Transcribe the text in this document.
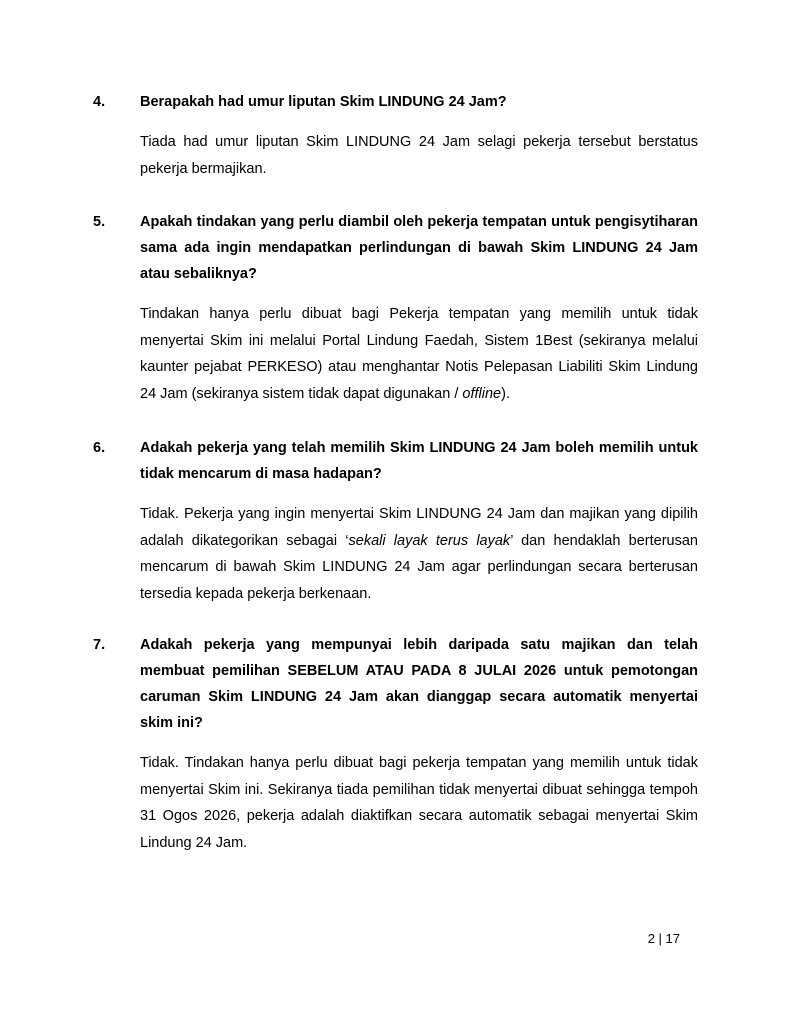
4. Berapakah had umur liputan Skim LINDUNG 24 Jam?
Tiada had umur liputan Skim LINDUNG 24 Jam selagi pekerja tersebut berstatus pekerja bermajikan.
5. Apakah tindakan yang perlu diambil oleh pekerja tempatan untuk pengisytiharan sama ada ingin mendapatkan perlindungan di bawah Skim LINDUNG 24 Jam atau sebaliknya?
Tindakan hanya perlu dibuat bagi Pekerja tempatan yang memilih untuk tidak menyertai Skim ini melalui Portal Lindung Faedah, Sistem 1Best (sekiranya melalui kaunter pejabat PERKESO) atau menghantar Notis Pelepasan Liabiliti Skim Lindung 24 Jam (sekiranya sistem tidak dapat digunakan / offline).
6. Adakah pekerja yang telah memilih Skim LINDUNG 24 Jam boleh memilih untuk tidak mencarum di masa hadapan?
Tidak. Pekerja yang ingin menyertai Skim LINDUNG 24 Jam dan majikan yang dipilih adalah dikategorikan sebagai ‘sekali layak terus layak’ dan hendaklah berterusan mencarum di bawah Skim LINDUNG 24 Jam agar perlindungan secara berterusan tersedia kepada pekerja berkenaan.
7. Adakah pekerja yang mempunyai lebih daripada satu majikan dan telah membuat pemilihan SEBELUM ATAU PADA 8 JULAI 2026 untuk pemotongan caruman Skim LINDUNG 24 Jam akan dianggap secara automatik menyertai skim ini?
Tidak. Tindakan hanya perlu dibuat bagi pekerja tempatan yang memilih untuk tidak menyertai Skim ini. Sekiranya tiada pemilihan tidak menyertai dibuat sehingga tempoh 31 Ogos 2026, pekerja adalah diaktifkan secara automatik sebagai menyertai Skim Lindung 24 Jam.
2 | 17
